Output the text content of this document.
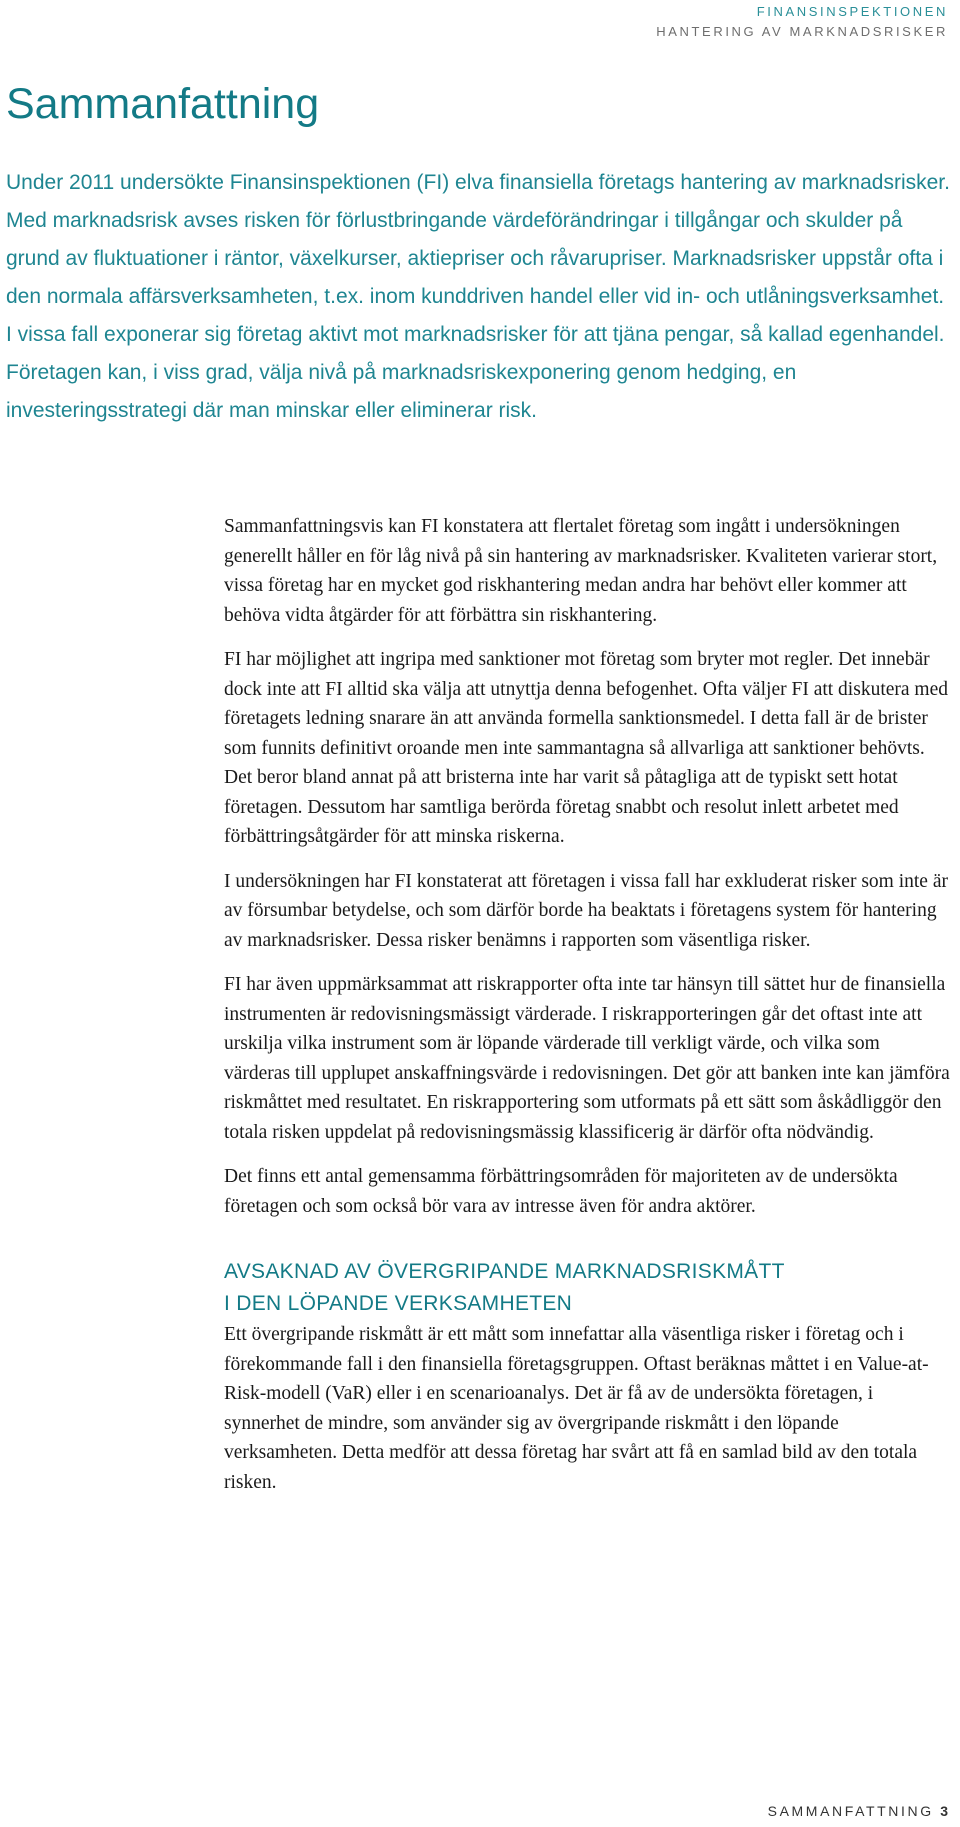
FINANSINSPEKTIONEN
HANTERING AV MARKNADSRISKER
Sammanfattning

Under 2011 undersökte Finansinspektionen (FI) elva finansiella företags hantering av marknadsrisker. Med marknadsrisk avses risken för förlustbringande värdeförändringar i tillgångar och skulder på grund av fluktuationer i räntor, växelkurser, aktiepriser och råvarupriser. Marknadsrisker uppstår ofta i den normala affärsverksamheten, t.ex. inom kunddriven handel eller vid in- och utlåningsverksamhet. I vissa fall exponerar sig företag aktivt mot marknadsrisker för att tjäna pengar, så kallad egenhandel. Företagen kan, i viss grad, välja nivå på marknadsriskexponering genom hedging, en investeringsstrategi där man minskar eller eliminerar risk.

Sammanfattningsvis kan FI konstatera att flertalet företag som ingått i undersökningen generellt håller en för låg nivå på sin hantering av marknadsrisker. Kvaliteten varierar stort, vissa företag har en mycket god riskhantering medan andra har behövt eller kommer att behöva vidta åtgärder för att förbättra sin riskhantering.

FI har möjlighet att ingripa med sanktioner mot företag som bryter mot regler. Det innebär dock inte att FI alltid ska välja att utnyttja denna befogenhet. Ofta väljer FI att diskutera med företagets ledning snarare än att använda formella sanktionsmedel. I detta fall är de brister som funnits definitivt oroande men inte sammantagna så allvarliga att sanktioner behövts. Det beror bland annat på att bristerna inte har varit så påtagliga att de typiskt sett hotat företagen. Dessutom har samtliga berörda företag snabbt och resolut inlett arbetet med förbättringsåtgärder för att minska riskerna.

I undersökningen har FI konstaterat att företagen i vissa fall har exkluderat risker som inte är av försumbar betydelse, och som därför borde ha beaktats i företagens system för hantering av marknadsrisker. Dessa risker benämns i rapporten som väsentliga risker.

FI har även uppmärksammat att riskrapporter ofta inte tar hänsyn till sättet hur de finansiella instrumenten är redovisningsmässigt värderade. I riskrapporteringen går det oftast inte att urskilja vilka instrument som är löpande värderade till verkligt värde, och vilka som värderas till upplupet anskaffningsvärde i redovisningen. Det gör att banken inte kan jämföra riskmåttet med resultatet. En riskrapportering som utformats på ett sätt som åskådliggör den totala risken uppdelat på redovisningsmässig klassificerig är därför ofta nödvändig.

Det finns ett antal gemensamma förbättringsområden för majoriteten av de undersökta företagen och som också bör vara av intresse även för andra aktörer.

AVSAKNAD AV ÖVERGRIPANDE MARKNADSRISKMÅTT
I DEN LÖPANDE VERKSAMHETEN

Ett övergripande riskmått är ett mått som innefattar alla väsentliga risker i företag och i förekommande fall i den finansiella företagsgruppen. Oftast beräknas måttet i en Value-at-Risk-modell (VaR) eller i en scenarioanalys. Det är få av de undersökta företagen, i synnerhet de mindre, som använder sig av övergripande riskmått i den löpande verksamheten. Detta medför att dessa företag har svårt att få en samlad bild av den totala risken.

SAMMANFATTNING 3
